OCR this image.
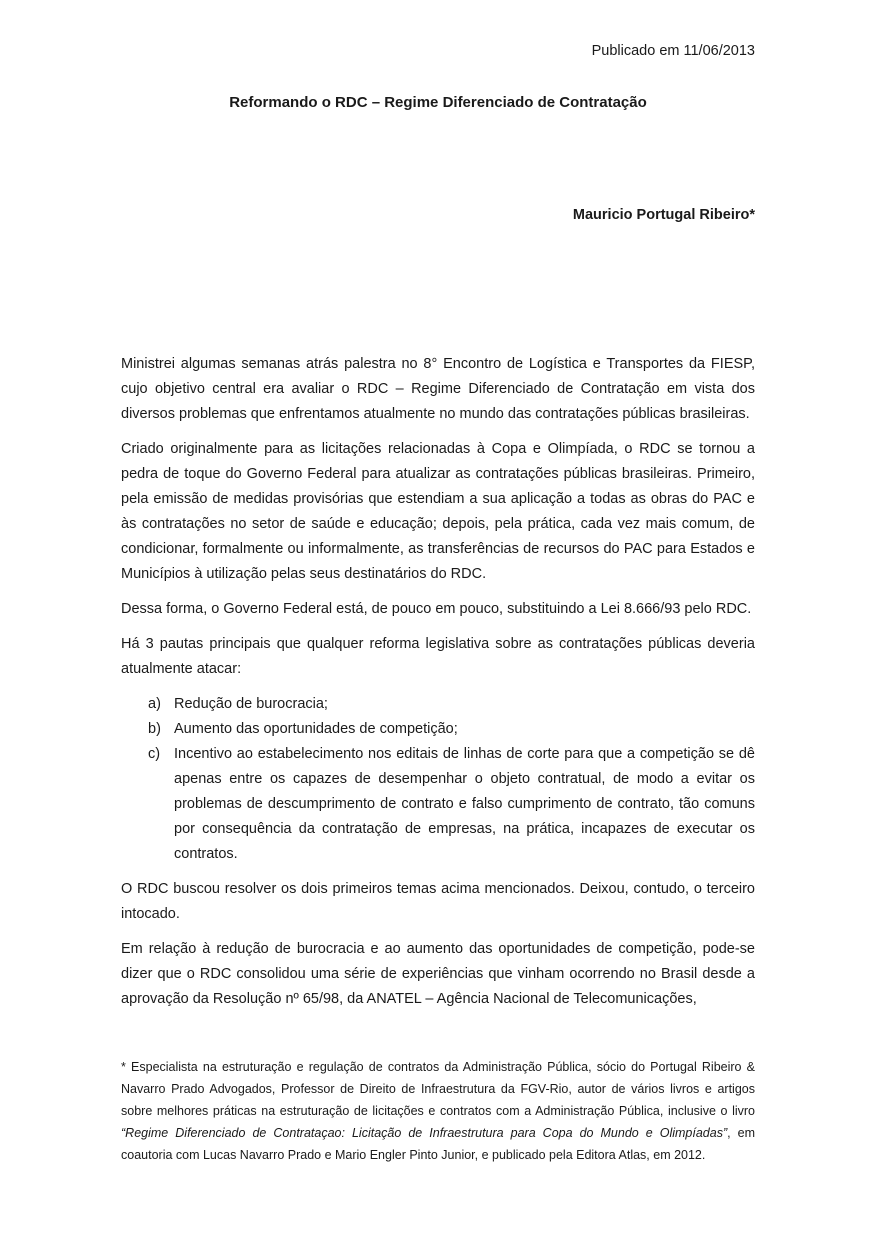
Publicado em 11/06/2013
Reformando o RDC – Regime Diferenciado de Contratação
Mauricio Portugal Ribeiro*

Ministrei algumas semanas atrás palestra no 8° Encontro de Logística e Transportes da FIESP, cujo objetivo central era avaliar o RDC – Regime Diferenciado de Contratação em vista dos diversos problemas que enfrentamos atualmente no mundo das contratações públicas brasileiras.

Criado originalmente para as licitações relacionadas à Copa e Olimpíada, o RDC se tornou a pedra de toque do Governo Federal para atualizar as contratações públicas brasileiras. Primeiro, pela emissão de medidas provisórias que estendiam a sua aplicação a todas as obras do PAC e às contratações no setor de saúde e educação; depois, pela prática, cada vez mais comum, de condicionar, formalmente ou informalmente, as transferências de recursos do PAC para Estados e Municípios à utilização pelas seus destinatários do RDC.

Dessa forma, o Governo Federal está, de pouco em pouco, substituindo a Lei 8.666/93 pelo RDC.

Há 3 pautas principais que qualquer reforma legislativa sobre as contratações públicas deveria atualmente atacar:

a) Redução de burocracia;
b) Aumento das oportunidades de competição;
c) Incentivo ao estabelecimento nos editais de linhas de corte para que a competição se dê apenas entre os capazes de desempenhar o objeto contratual, de modo a evitar os problemas de descumprimento de contrato e falso cumprimento de contrato, tão comuns por consequência da contratação de empresas, na prática, incapazes de executar os contratos.

O RDC buscou resolver os dois primeiros temas acima mencionados. Deixou, contudo, o terceiro intocado.

Em relação à redução de burocracia e ao aumento das oportunidades de competição, pode-se dizer que o RDC consolidou uma série de experiências que vinham ocorrendo no Brasil desde a aprovação da Resolução nº 65/98, da ANATEL – Agência Nacional de Telecomunicações,

* Especialista na estruturação e regulação de contratos da Administração Pública, sócio do Portugal Ribeiro & Navarro Prado Advogados, Professor de Direito de Infraestrutura da FGV-Rio, autor de vários livros e artigos sobre melhores práticas na estruturação de licitações e contratos com a Administração Pública, inclusive o livro “Regime Diferenciado de Contrataçao: Licitação de Infraestrutura para Copa do Mundo e Olimpíadas”, em coautoria com Lucas Navarro Prado e Mario Engler Pinto Junior, e publicado pela Editora Atlas, em 2012.
